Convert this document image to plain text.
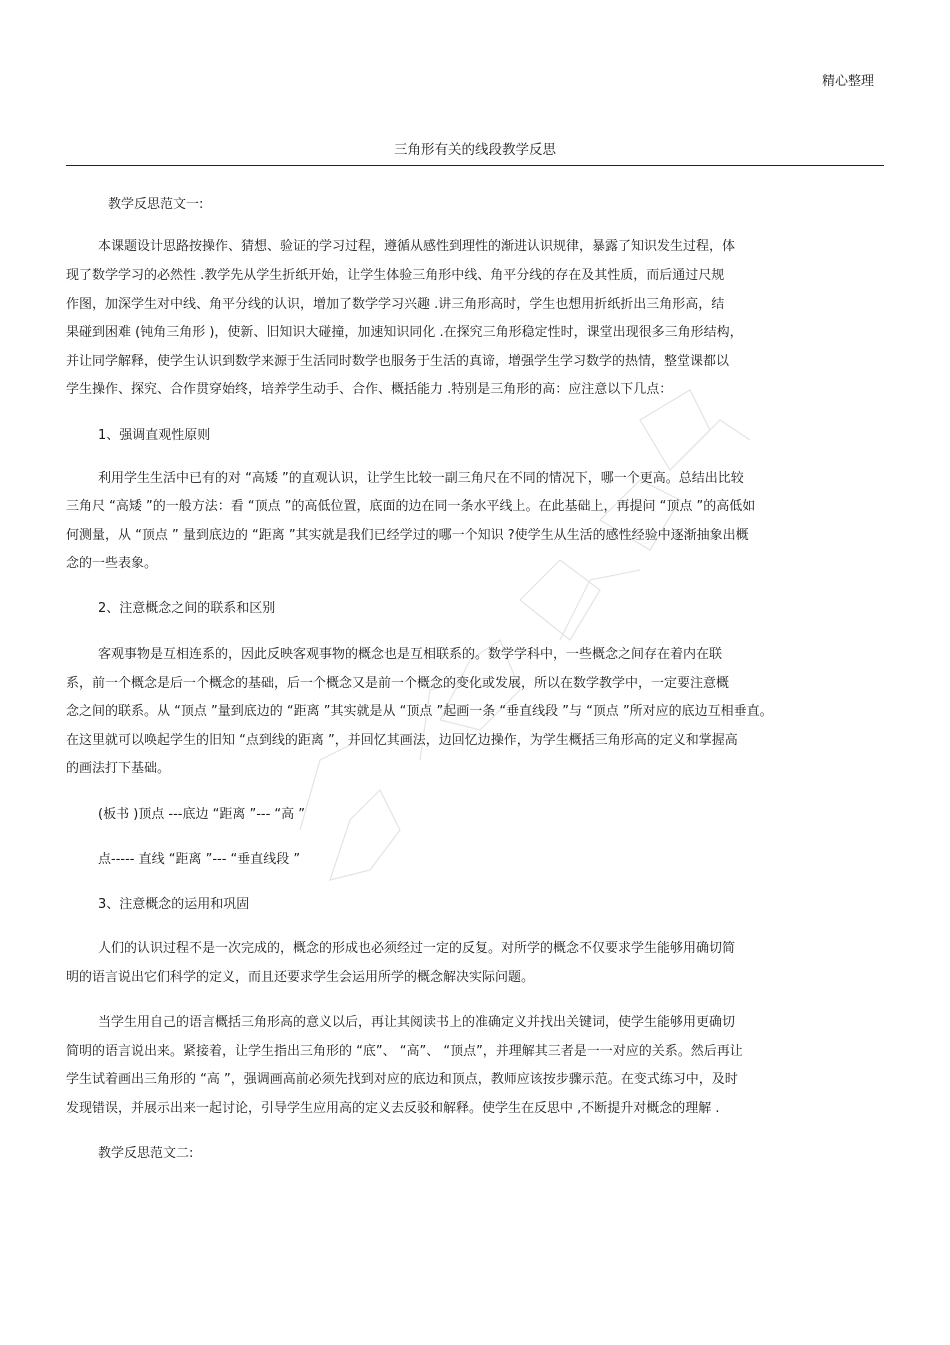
精心整理
三角形有关的线段教学反思
教学反思范文一:
本课题设计思路按操作、猜想、验证的学习过程，遵循从感性到理性的渐进认识规律，暴露了知识发生过程，体
现了数学学习的必然性 .教学先从学生折纸开始，让学生体验三角形中线、角平分线的存在及其性质，而后通过尺规
作图，加深学生对中线、角平分线的认识，增加了数学学习兴趣 .讲三角形高时，学生也想用折纸折出三角形高，结
果碰到困难 (钝角三角形 )，使新、旧知识大碰撞，加速知识同化 .在探究三角形稳定性时，课堂出现很多三角形结构，
并让同学解释，使学生认识到数学来源于生活同时数学也服务于生活的真谛，增强学生学习数学的热情，整堂课都以
学生操作、探究、合作贯穿始终，培养学生动手、合作、概括能力 .特别是三角形的高：应注意以下几点：
1、强调直观性原则
利用学生生活中已有的对 “高矮 ”的直观认识，让学生比较一副三角尺在不同的情况下，哪一个更高。总结出比较
三角尺 “高矮 ”的一般方法：看 “顶点 ”的高低位置，底面的边在同一条水平线上。在此基础上，再提问 “顶点 ”的高低如
何测量，从 “顶点 ” 量到底边的 “距离 ”其实就是我们已经学过的哪一个知识 ?使学生从生活的感性经验中逐渐抽象出概
念的一些表象。
2、注意概念之间的联系和区别
客观事物是互相连系的，因此反映客观事物的概念也是互相联系的。数学学科中，一些概念之间存在着内在联
系，前一个概念是后一个概念的基础，后一个概念又是前一个概念的变化或发展，所以在数学教学中，一定要注意概
念之间的联系。从 “顶点 ”量到底边的 “距离 ”其实就是从 “顶点 ”起画一条 “垂直线段 ”与 “顶点 ”所对应的底边互相垂直。
在这里就可以唤起学生的旧知 “点到线的距离 ”，并回忆其画法，边回忆边操作，为学生概括三角形高的定义和掌握高
的画法打下基础。
(板书 )顶点 ---底边 “距离 ”--- “高 ”
点----- 直线 “距离 ”--- “垂直线段 ”
3、注意概念的运用和巩固
人们的认识过程不是一次完成的，概念的形成也必须经过一定的反复。对所学的概念不仅要求学生能够用确切简
明的语言说出它们科学的定义，而且还要求学生会运用所学的概念解决实际问题。
当学生用自己的语言概括三角形高的意义以后，再让其阅读书上的准确定义并找出关键词，使学生能够用更确切
简明的语言说出来。紧接着，让学生指出三角形的 “底”、 “高”、 “顶点”，并理解其三者是一一对应的关系。然后再让
学生试着画出三角形的 “高 ”，强调画高前必须先找到对应的底边和顶点，教师应该按步骤示范。在变式练习中，及时
发现错误，并展示出来一起讨论，引导学生应用高的定义去反驳和解释。使学生在反思中 ,不断提升对概念的理解 .
教学反思范文二:
